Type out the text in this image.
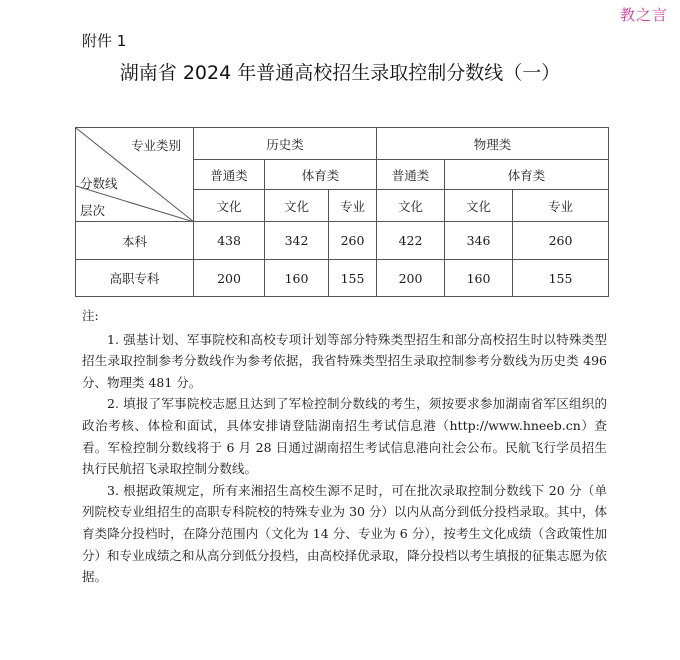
教之言
附件 1
湖南省 2024 年普通高校招生录取控制分数线（一）
专业类别
分数线
层次	历史类			物理类		
	普通类	体育类		普通类	体育类	
	文化	文化	专业	文化	文化	专业
本科	438	342	260	422	346	260
高职专科	200	160	155	200	160	155

注:

1. 强基计划、军事院校和高校专项计划等部分特殊类型招生和部分高校招生时以特殊类型招生录取控制参考分数线作为参考依据，我省特殊类型招生录取控制参考分数线为历史类 496 分、物理类 481 分。

2. 填报了军事院校志愿且达到了军检控制分数线的考生，须按要求参加湖南省军区组织的政治考核、体检和面试，具体安排请登陆湖南招生考试信息港（http://www.hneeb.cn）查看。军检控制分数线将于 6 月 28 日通过湖南招生考试信息港向社会公布。民航飞行学员招生执行民航招飞录取控制分数线。

3. 根据政策规定，所有来湘招生高校生源不足时，可在批次录取控制分数线下 20 分（单列院校专业组招生的高职专科院校的特殊专业为 30 分）以内从高分到低分投档录取。其中，体育类降分投档时，在降分范围内（文化为 14 分、专业为 6 分），按考生文化成绩（含政策性加分）和专业成绩之和从高分到低分投档，由高校择优录取，降分投档以考生填报的征集志愿为依据。
